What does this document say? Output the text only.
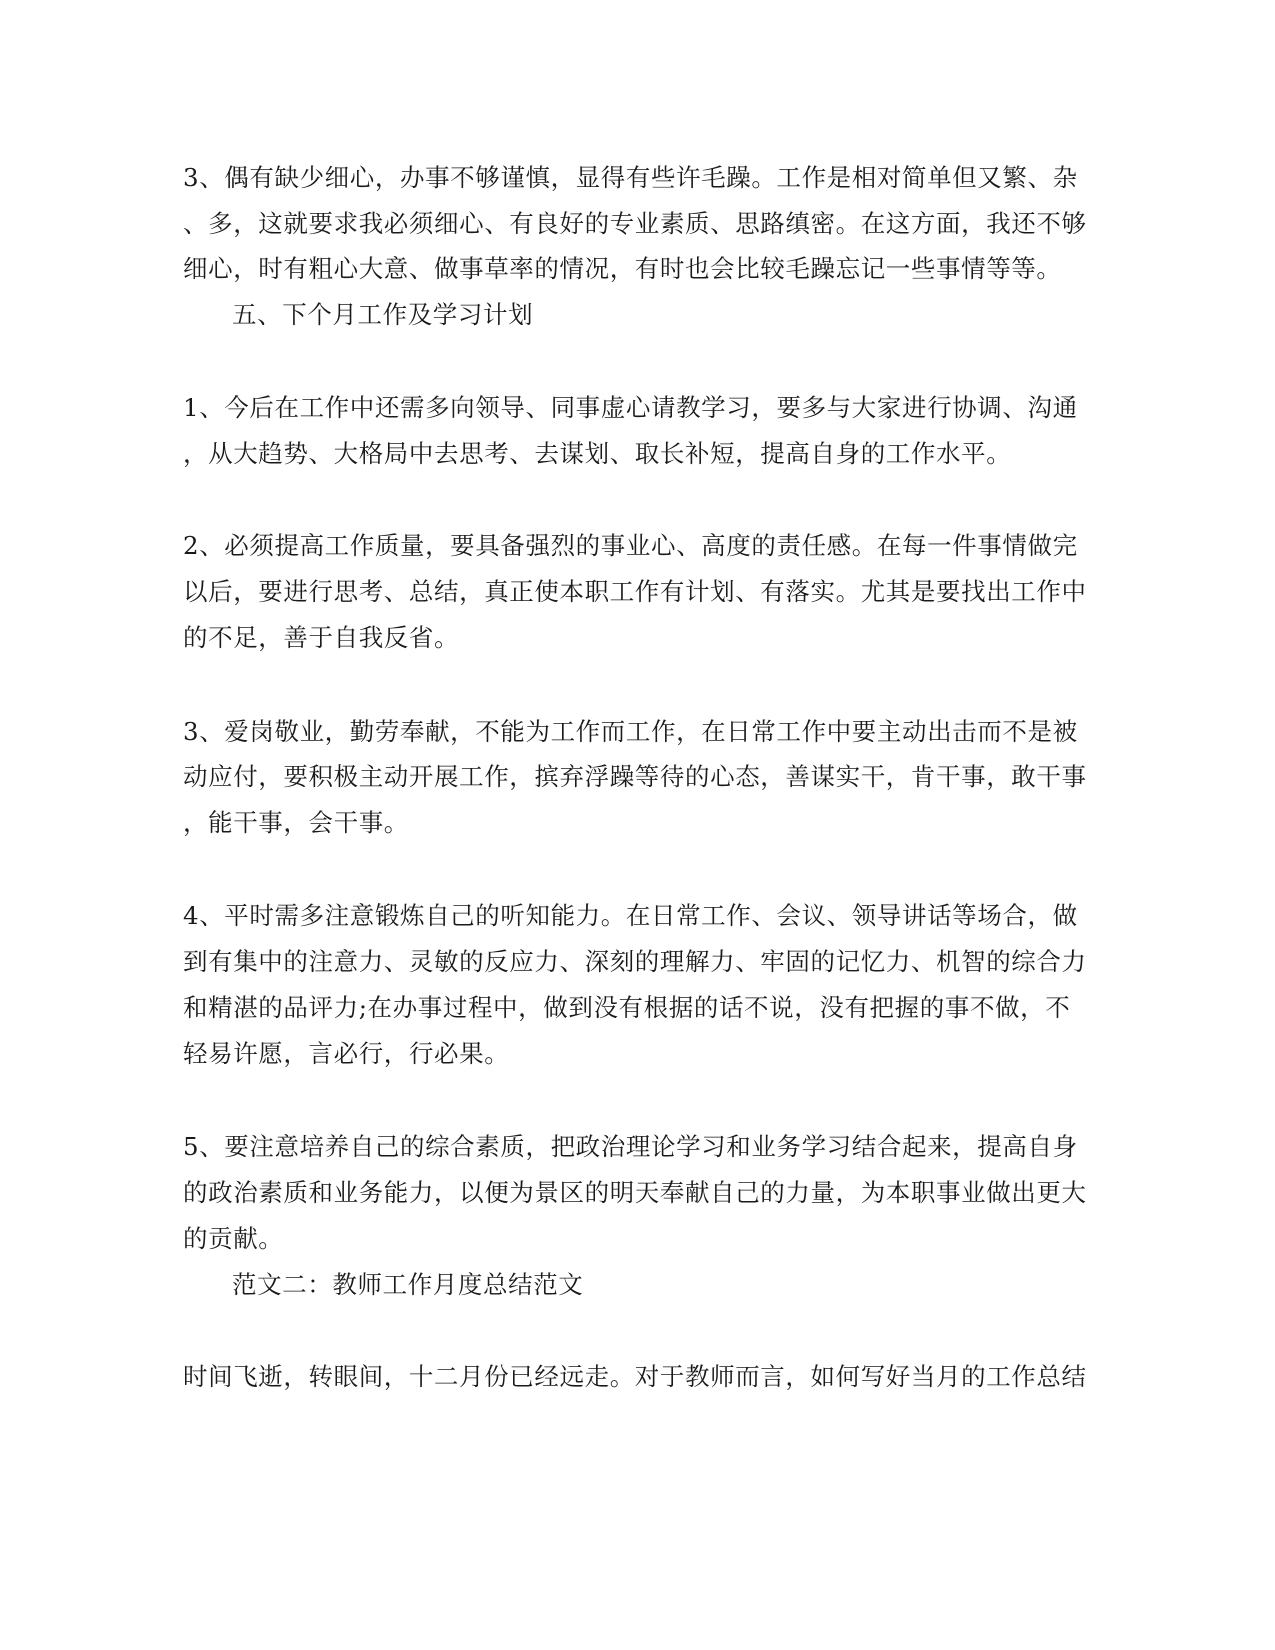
3、偶有缺少细心，办事不够谨慎，显得有些许毛躁。工作是相对简单但又繁、杂
、多，这就要求我必须细心、有良好的专业素质、思路缜密。在这方面，我还不够
细心，时有粗心大意、做事草率的情况，有时也会比较毛躁忘记一些事情等等。
五、下个月工作及学习计划
1、今后在工作中还需多向领导、同事虚心请教学习，要多与大家进行协调、沟通
，从大趋势、大格局中去思考、去谋划、取长补短，提高自身的工作水平。
2、必须提高工作质量，要具备强烈的事业心、高度的责任感。在每一件事情做完
以后，要进行思考、总结，真正使本职工作有计划、有落实。尤其是要找出工作中
的不足，善于自我反省。
3、爱岗敬业，勤劳奉献，不能为工作而工作，在日常工作中要主动出击而不是被
动应付，要积极主动开展工作，摈弃浮躁等待的心态，善谋实干，肯干事，敢干事
，能干事，会干事。
4、平时需多注意锻炼自己的听知能力。在日常工作、会议、领导讲话等场合，做
到有集中的注意力、灵敏的反应力、深刻的理解力、牢固的记忆力、机智的综合力
和精湛的品评力;在办事过程中，做到没有根据的话不说，没有把握的事不做，不
轻易许愿，言必行，行必果。
5、要注意培养自己的综合素质，把政治理论学习和业务学习结合起来，提高自身
的政治素质和业务能力，以便为景区的明天奉献自己的力量，为本职事业做出更大
的贡献。
范文二：教师工作月度总结范文
时间飞逝，转眼间，十二月份已经远走。对于教师而言，如何写好当月的工作总结
